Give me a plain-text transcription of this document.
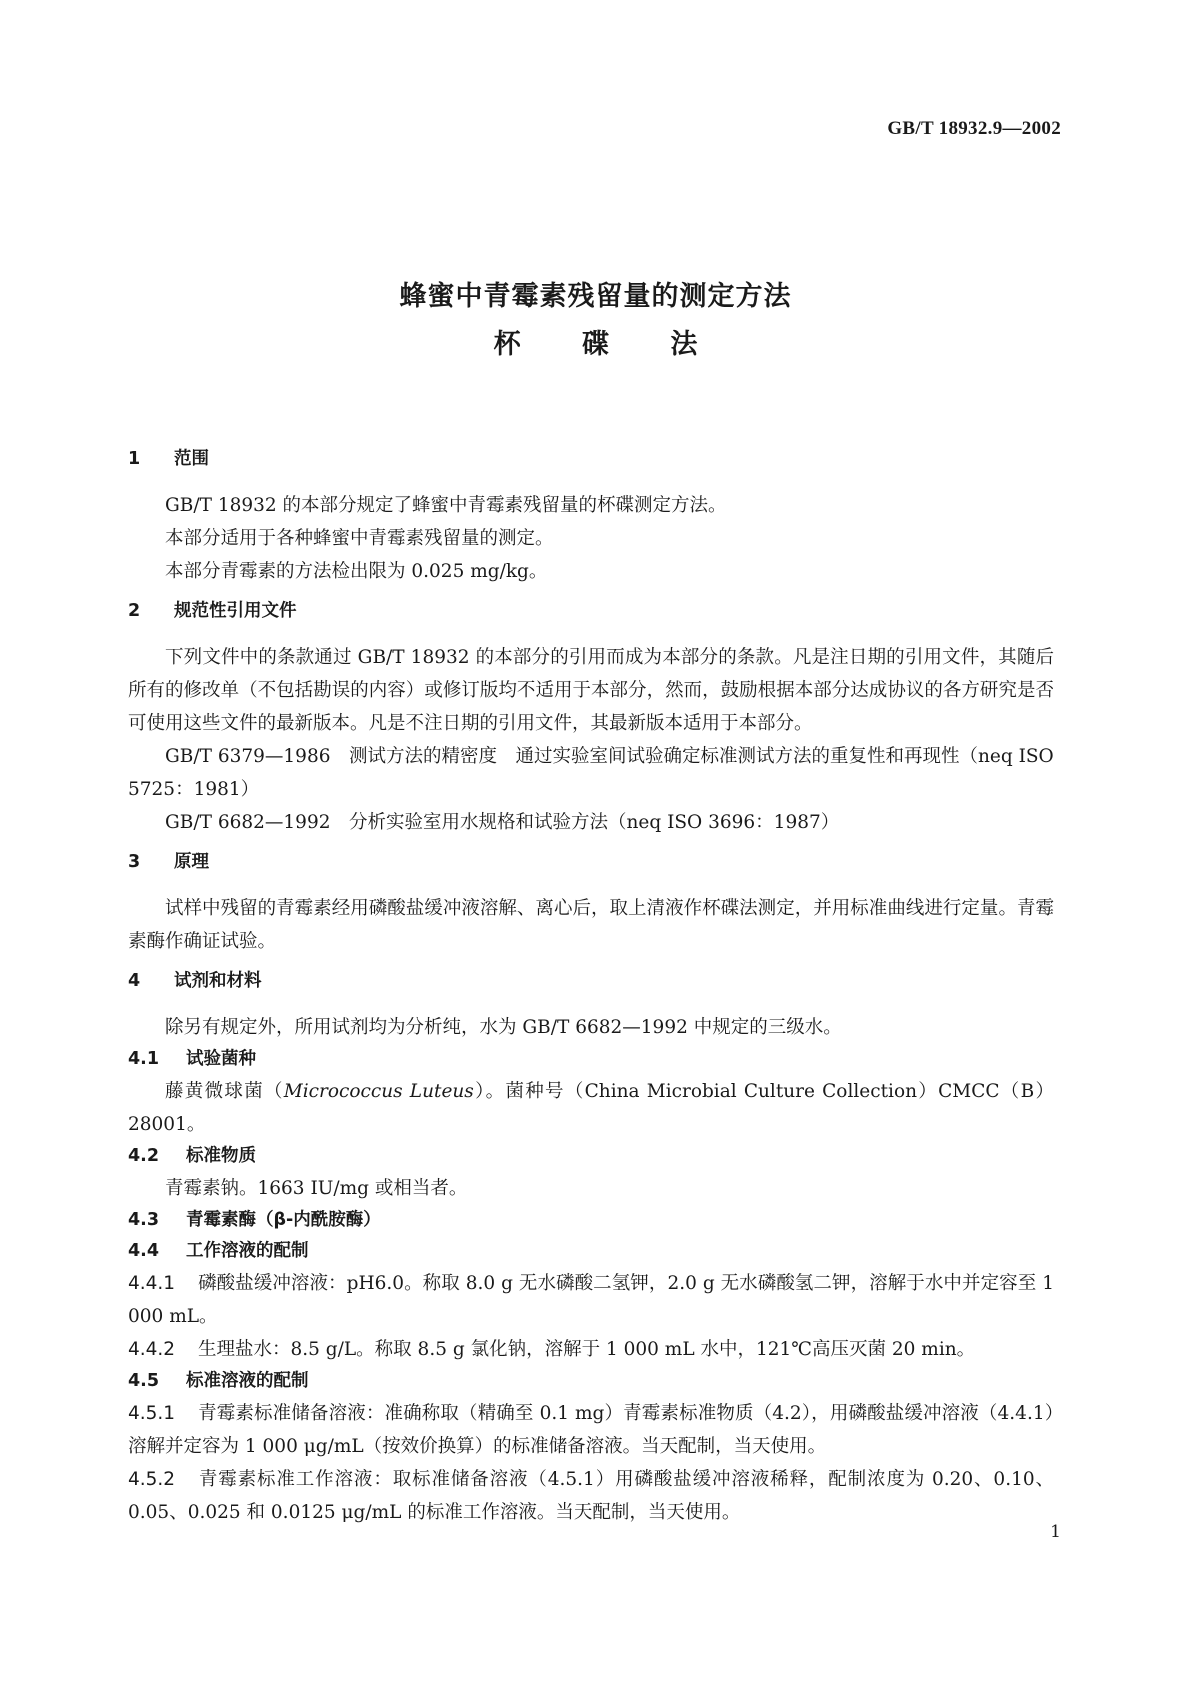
GB/T 18932.9—2002
蜂蜜中青霉素残留量的测定方法
杯 碟 法
1 范围

GB/T 18932 的本部分规定了蜂蜜中青霉素残留量的杯碟测定方法。

本部分适用于各种蜂蜜中青霉素残留量的测定。

本部分青霉素的方法检出限为 0.025 mg/kg。

2 规范性引用文件

下列文件中的条款通过 GB/T 18932 的本部分的引用而成为本部分的条款。凡是注日期的引用文件，其随后所有的修改单（不包括勘误的内容）或修订版均不适用于本部分，然而，鼓励根据本部分达成协议的各方研究是否可使用这些文件的最新版本。凡是不注日期的引用文件，其最新版本适用于本部分。

GB/T 6379—1986　测试方法的精密度　通过实验室间试验确定标准测试方法的重复性和再现性（neq ISO 5725：1981）

GB/T 6682—1992　分析实验室用水规格和试验方法（neq ISO 3696：1987）

3 原理

试样中残留的青霉素经用磷酸盐缓冲液溶解、离心后，取上清液作杯碟法测定，并用标准曲线进行定量。青霉素酶作确证试验。

4 试剂和材料

除另有规定外，所用试剂均为分析纯，水为 GB/T 6682—1992 中规定的三级水。

4.1 试验菌种

藤黄微球菌（Micrococcus Luteus）。菌种号（China Microbial Culture Collection）CMCC（B）28001。

4.2 标准物质

青霉素钠。1663 IU/mg 或相当者。

4.3 青霉素酶（β-内酰胺酶）
4.4 工作溶液的配制

4.4.1 磷酸盐缓冲溶液：pH6.0。称取 8.0 g 无水磷酸二氢钾，2.0 g 无水磷酸氢二钾，溶解于水中并定容至 1 000 mL。

4.4.2 生理盐水：8.5 g/L。称取 8.5 g 氯化钠，溶解于 1 000 mL 水中，121℃高压灭菌 20 min。

4.5 标准溶液的配制

4.5.1 青霉素标准储备溶液：准确称取（精确至 0.1 mg）青霉素标准物质（4.2），用磷酸盐缓冲溶液（4.4.1）溶解并定容为 1 000 μg/mL（按效价换算）的标准储备溶液。当天配制，当天使用。

4.5.2 青霉素标准工作溶液：取标准储备溶液（4.5.1）用磷酸盐缓冲溶液稀释，配制浓度为 0.20、0.10、0.05、0.025 和 0.0125 μg/mL 的标准工作溶液。当天配制，当天使用。

1
